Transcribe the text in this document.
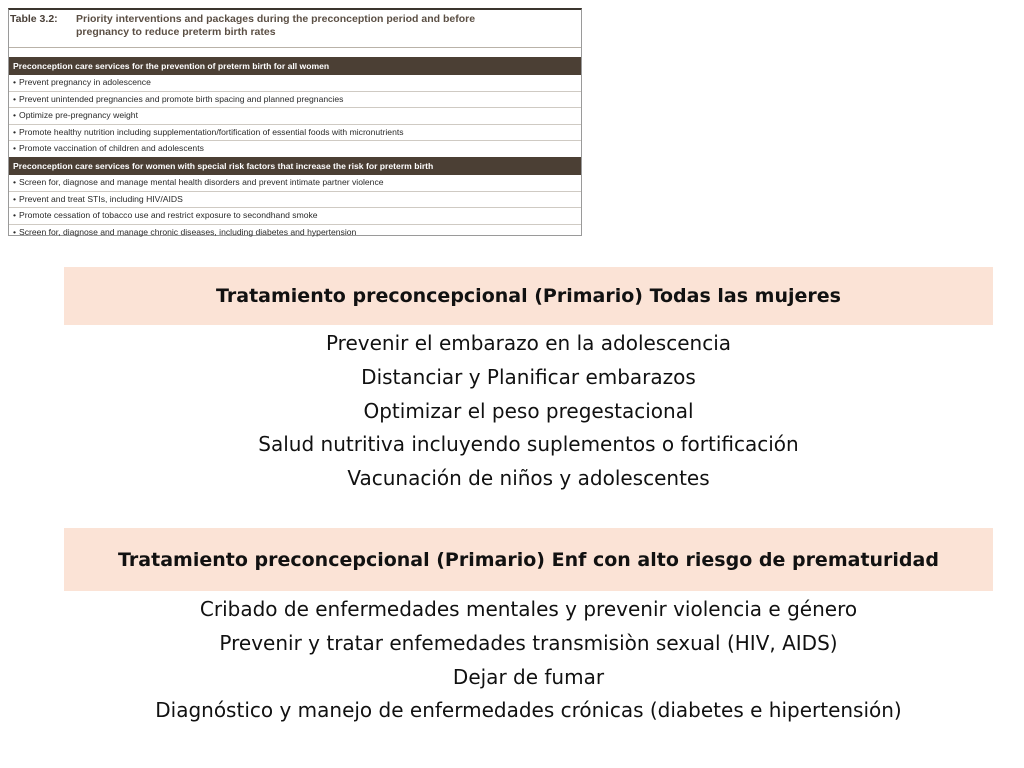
Table 3.2:	Priority interventions and packages during the preconception period and before
pregnancy to reduce preterm birth rates
Preconception care services for the prevention of preterm birth for all women
• Prevent pregnancy in adolescence
• Prevent unintended pregnancies and promote birth spacing and planned pregnancies
• Optimize pre-pregnancy weight
• Promote healthy nutrition including supplementation/fortification of essential foods with micronutrients
• Promote vaccination of children and adolescents
Preconception care services for women with special risk factors that increase the risk for preterm birth
• Screen for, diagnose and manage mental health disorders and prevent intimate partner violence
• Prevent and treat STIs, including HIV/AIDS
• Promote cessation of tobacco use and restrict exposure to secondhand smoke
• Screen for, diagnose and manage chronic diseases, including diabetes and hypertension
Tratamiento preconcepcional (Primario) Todas las mujeres
Prevenir el embarazo en la adolescencia
Distanciar y Planificar embarazos
Optimizar el peso pregestacional
Salud nutritiva incluyendo suplementos o fortificación
Vacunación de niños y adolescentes
Tratamiento preconcepcional (Primario) Enf con alto riesgo de prematuridad
Cribado de enfermedades mentales y prevenir violencia e género
Prevenir y tratar enfemedades transmisiòn sexual (HIV, AIDS)
Dejar de fumar
Diagnóstico y manejo de enfermedades crónicas (diabetes e hipertensión)
